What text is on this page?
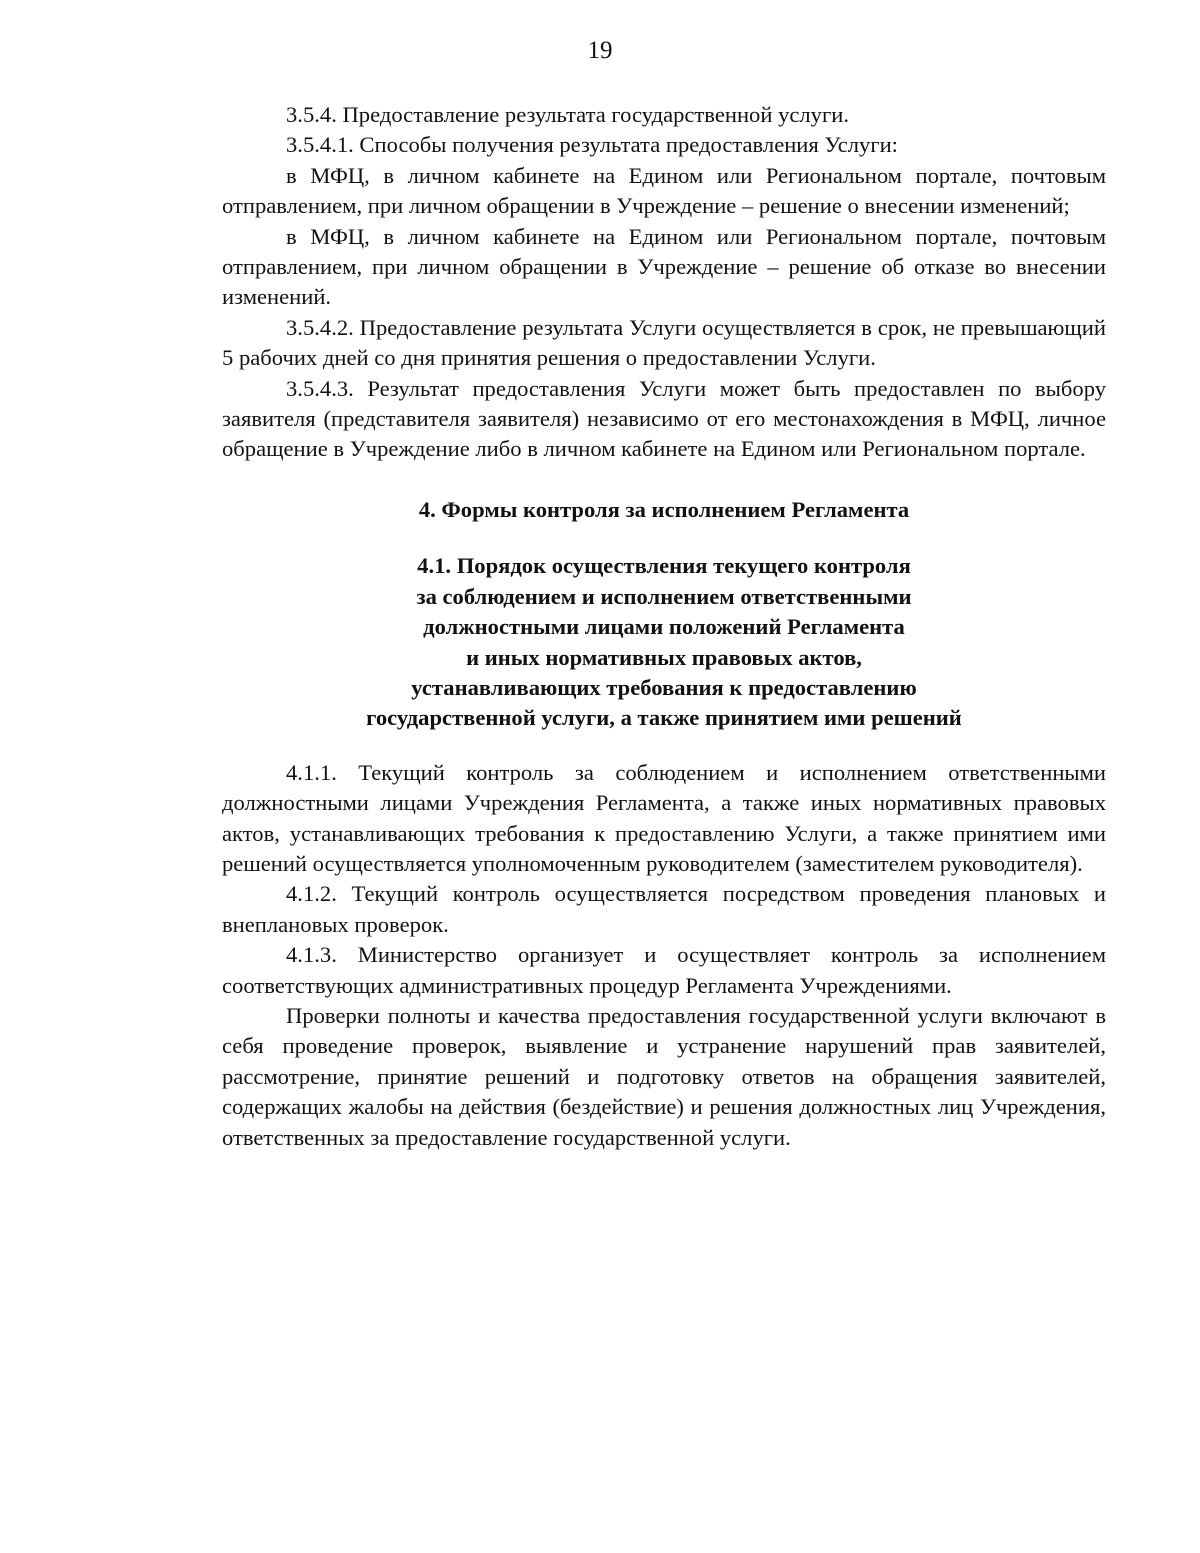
19

3.5.4. Предоставление результата государственной услуги.

3.5.4.1. Способы получения результата предоставления Услуги:

в МФЦ, в личном кабинете на Едином или Региональном портале, почтовым отправлением, при личном обращении в Учреждение – решение о внесении изменений;

в МФЦ, в личном кабинете на Едином или Региональном портале, почтовым отправлением, при личном обращении в Учреждение – решение об отказе во внесении изменений.

3.5.4.2. Предоставление результата Услуги осуществляется в срок, не превышающий 5 рабочих дней со дня принятия решения о предоставлении Услуги.

3.5.4.3. Результат предоставления Услуги может быть предоставлен по выбору заявителя (представителя заявителя) независимо от его местонахождения в МФЦ, личное обращение в Учреждение либо в личном кабинете на Едином или Региональном портале.

4. Формы контроля за исполнением Регламента
4.1. Порядок осуществления текущего контроля
за соблюдением и исполнением ответственными
должностными лицами положений Регламента
и иных нормативных правовых актов,
устанавливающих требования к предоставлению
государственной услуги, а также принятием ими решений

4.1.1. Текущий контроль за соблюдением и исполнением ответственными должностными лицами Учреждения Регламента, а также иных нормативных правовых актов, устанавливающих требования к предоставлению Услуги, а также принятием ими решений осуществляется уполномоченным руководителем (заместителем руководителя).

4.1.2. Текущий контроль осуществляется посредством проведения плановых и внеплановых проверок.

4.1.3. Министерство организует и осуществляет контроль за исполнением соответствующих административных процедур Регламента Учреждениями.

Проверки полноты и качества предоставления государственной услуги включают в себя проведение проверок, выявление и устранение нарушений прав заявителей, рассмотрение, принятие решений и подготовку ответов на обращения заявителей, содержащих жалобы на действия (бездействие) и решения должностных лиц Учреждения, ответственных за предоставление государственной услуги.
